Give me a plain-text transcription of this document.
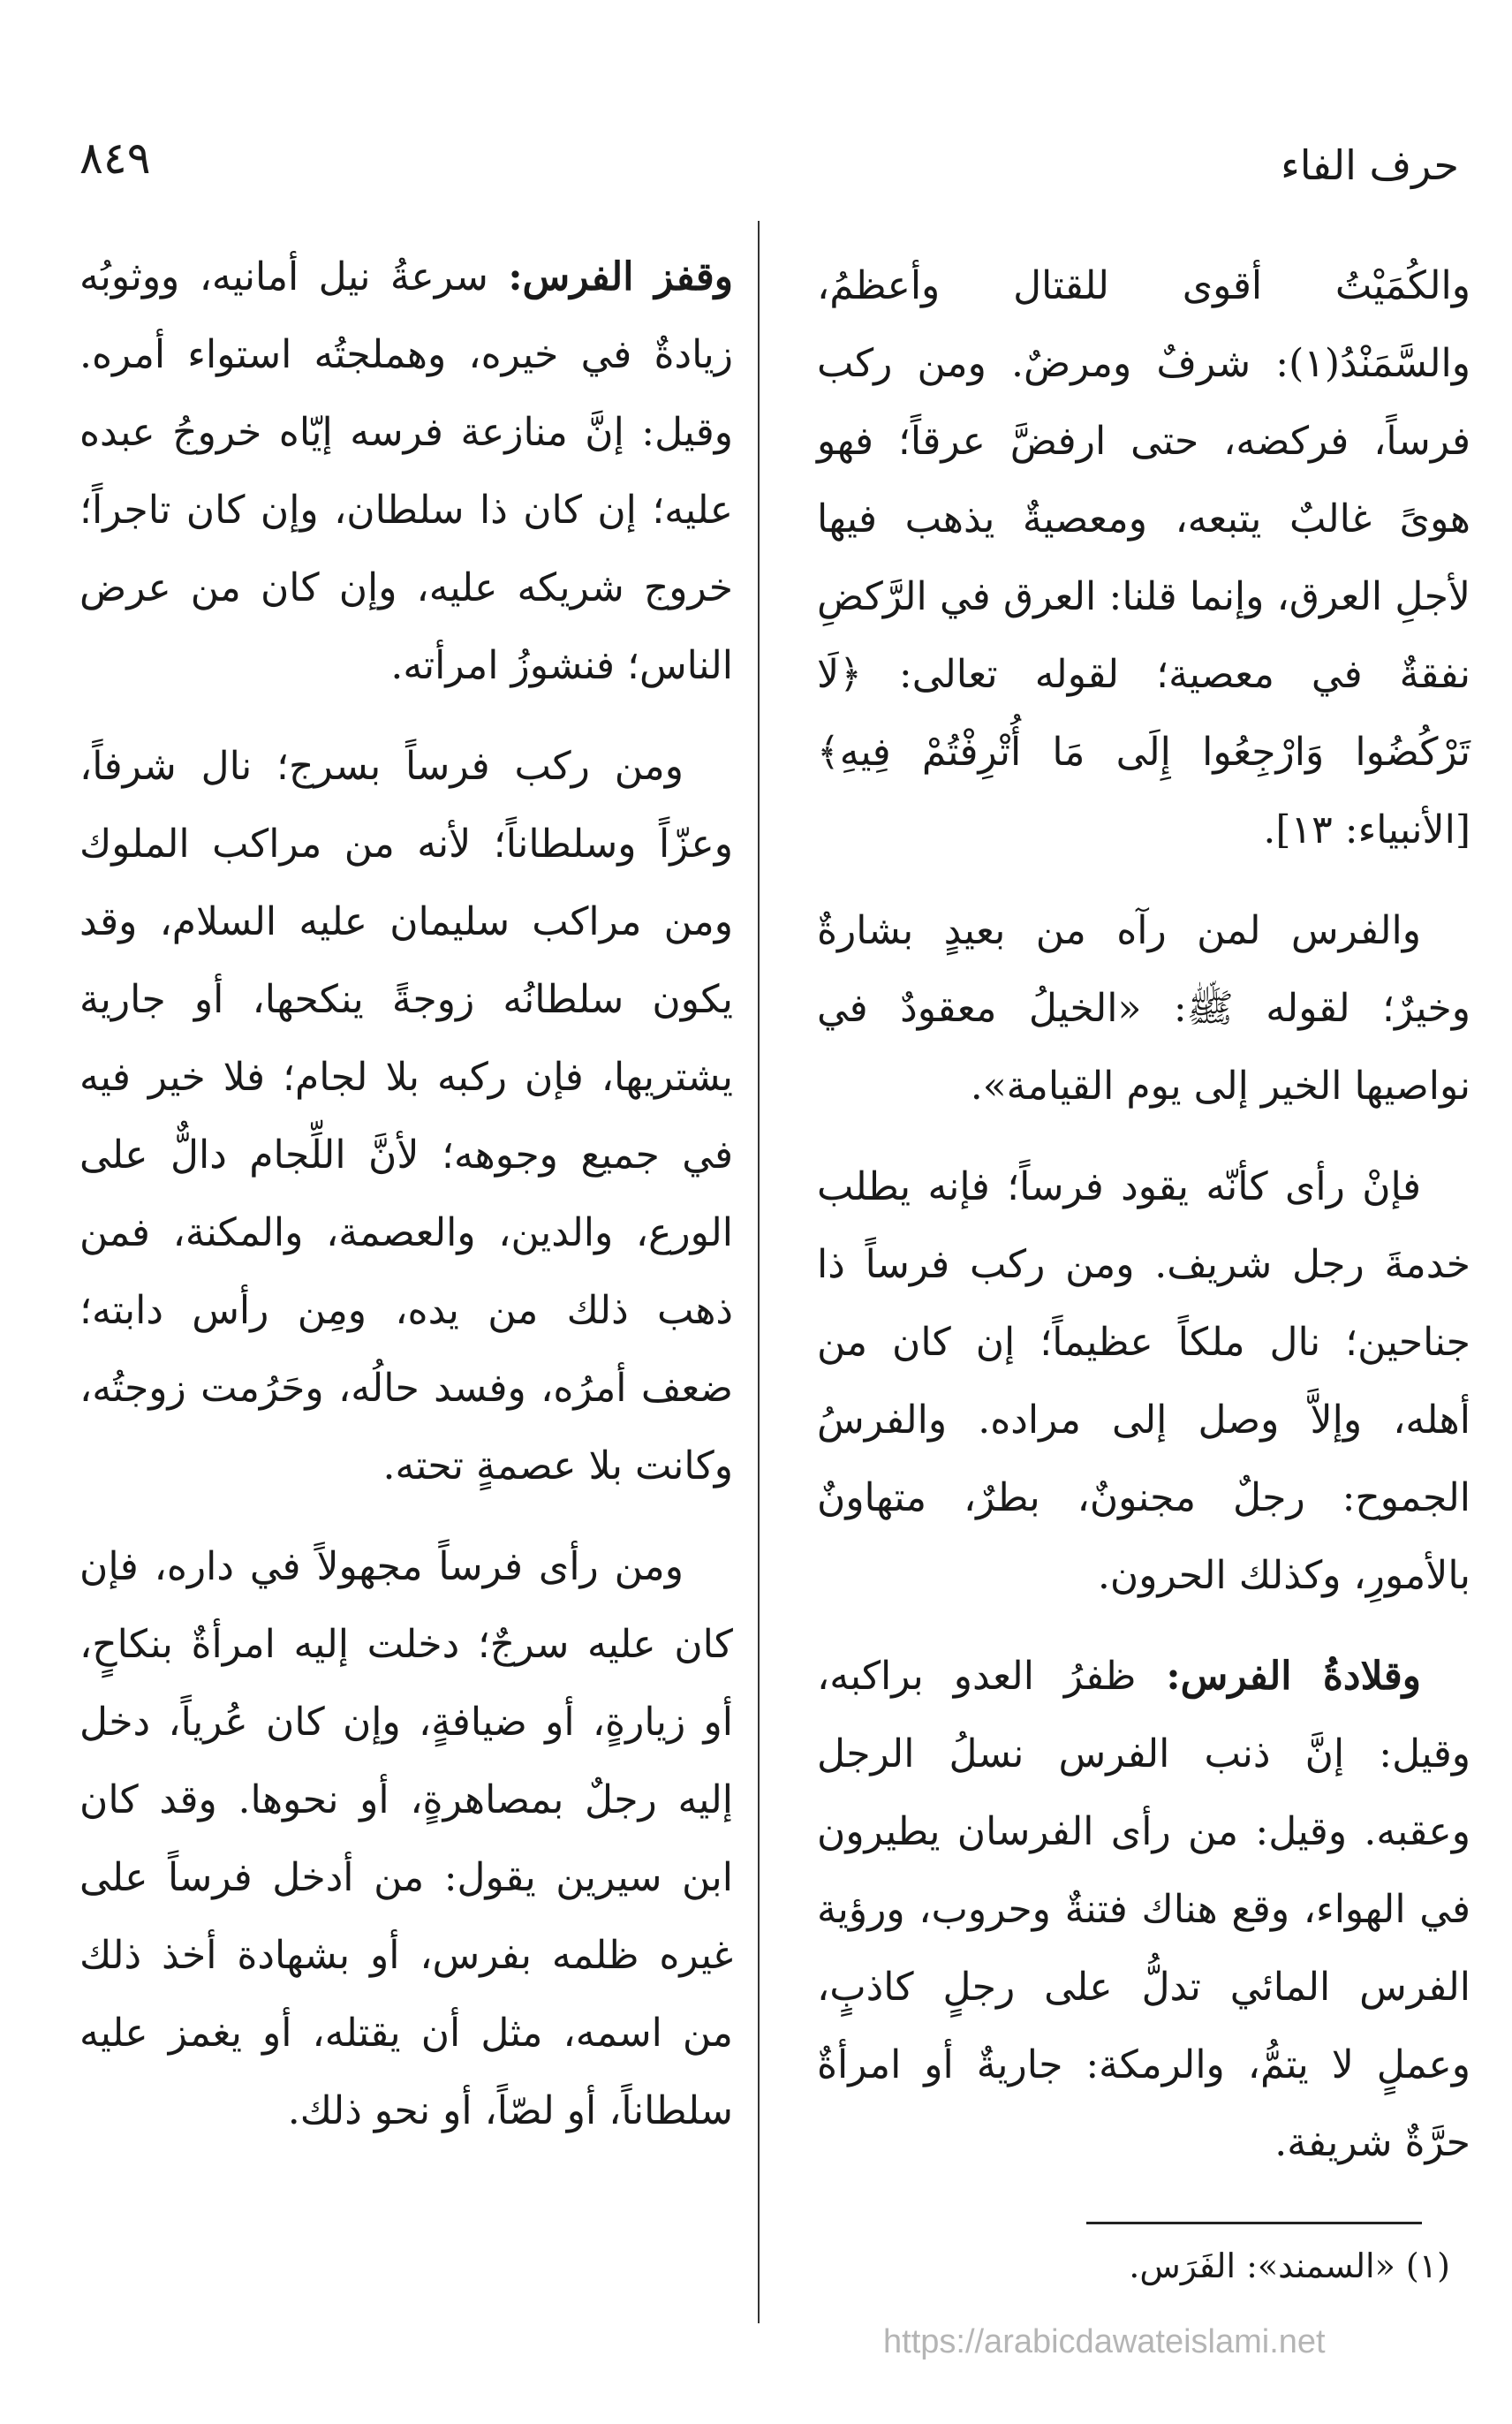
٨٤٩	حرف الفاء

والكُمَيْتُ أقوى للقتال وأعظمُ، والسَّمَنْدُ(١): شرفٌ ومرضٌ. ومن ركب فرساً، فركضه، حتى ارفضَّ عرقاً؛ فهو هوىً غالبٌ يتبعه، ومعصيةٌ يذهب فيها لأجلِ العرق، وإنما قلنا: العرق في الرَّكضِ نفقةٌ في معصية؛ لقوله تعالى: ﴿لَا تَرْكُضُوا وَارْجِعُوا إِلَى مَا أُتْرِفْتُمْ فِيهِ﴾ [الأنبياء: ١٣].

والفرس لمن رآه من بعيدٍ بشارةٌ وخيرٌ؛ لقوله ﷺ: «الخيلُ معقودٌ في نواصيها الخير إلى يوم القيامة».

فإنْ رأى كأنّه يقود فرساً؛ فإنه يطلب خدمةَ رجل شريف. ومن ركب فرساً ذا جناحين؛ نال ملكاً عظيماً؛ إن كان من أهله، وإلاَّ وصل إلى مراده. والفرسُ الجموح: رجلٌ مجنونٌ، بطرٌ، متهاونٌ بالأمورِ، وكذلك الحرون.

وقلادةُ الفرس: ظفرُ العدو براكبه، وقيل: إنَّ ذنب الفرس نسلُ الرجل وعقبه. وقيل: من رأى الفرسان يطيرون في الهواء، وقع هناك فتنةٌ وحروب، ورؤية الفرس المائي تدلُّ على رجلٍ كاذبٍ، وعملٍ لا يتمُّ، والرمكة: جاريةٌ أو امرأةٌ حرَّةٌ شريفة.

وقفز الفرس: سرعةُ نيل أمانيه، ووثوبُه زيادةٌ في خيره، وهملجتُه استواء أمره. وقيل: إنَّ منازعة فرسه إيّاه خروجُ عبده عليه؛ إن كان ذا سلطان، وإن كان تاجراً؛ خروج شريكه عليه، وإن كان من عرض الناس؛ فنشوزُ امرأته.

ومن ركب فرساً بسرج؛ نال شرفاً، وعزّاً وسلطاناً؛ لأنه من مراكب الملوك ومن مراكب سليمان عليه السلام، وقد يكون سلطانُه زوجةً ينكحها، أو جارية يشتريها، فإن ركبه بلا لجام؛ فلا خير فيه في جميع وجوهه؛ لأنَّ اللِّجام دالٌّ على الورع، والدين، والعصمة، والمكنة، فمن ذهب ذلك من يده، ومِن رأس دابته؛ ضعف أمرُه، وفسد حالُه، وحَرُمت زوجتُه، وكانت بلا عصمةٍ تحته.

ومن رأى فرساً مجهولاً في داره، فإن كان عليه سرجٌ؛ دخلت إليه امرأةٌ بنكاحٍ، أو زيارةٍ، أو ضيافةٍ، وإن كان عُرياً، دخل إليه رجلٌ بمصاهرةٍ، أو نحوها. وقد كان ابن سيرين يقول: من أدخل فرساً على غيره ظلمه بفرس، أو بشهادة أخذ ذلك من اسمه، مثل أن يقتله، أو يغمز عليه سلطاناً، أو لصّاً، أو نحو ذلك.

(١) «السمند»: الفَرَس.
https://arabicdawateislami.net
